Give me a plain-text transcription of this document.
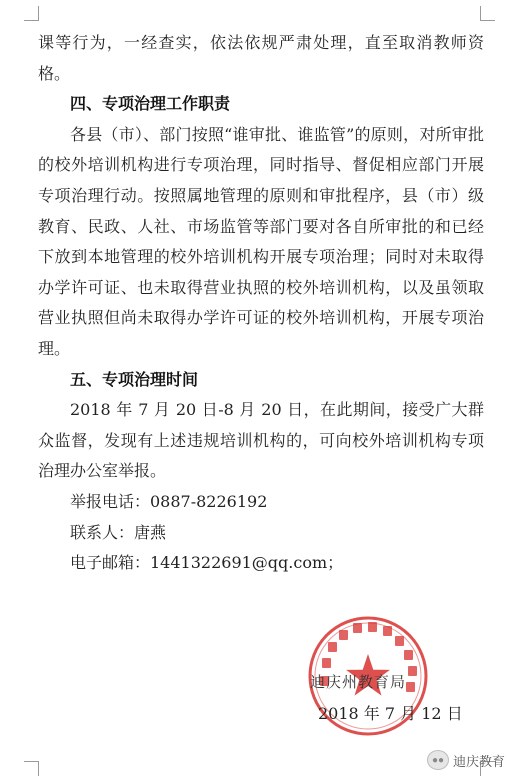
课等行为，一经查实，依法依规严肃处理，直至取消教师资格。

四、专项治理工作职责

各县（市）、部门按照“谁审批、谁监管”的原则，对所审批的校外培训机构进行专项治理，同时指导、督促相应部门开展专项治理行动。按照属地管理的原则和审批程序，县（市）级教育、民政、人社、市场监管等部门要对各自所审批的和已经下放到本地管理的校外培训机构开展专项治理；同时对未取得办学许可证、也未取得营业执照的校外培训机构，以及虽领取营业执照但尚未取得办学许可证的校外培训机构，开展专项治理。

五、专项治理时间

2018 年 7 月 20 日-8 月 20 日，在此期间，接受广大群众监督，发现有上述违规培训机构的，可向校外培训机构专项治理办公室举报。

举报电话：0887-8226192

联系人：唐燕

电子邮箱：1441322691@qq.com；

迪庆州教育局
2018 年 7 月 12 日
●● 迪庆教育
